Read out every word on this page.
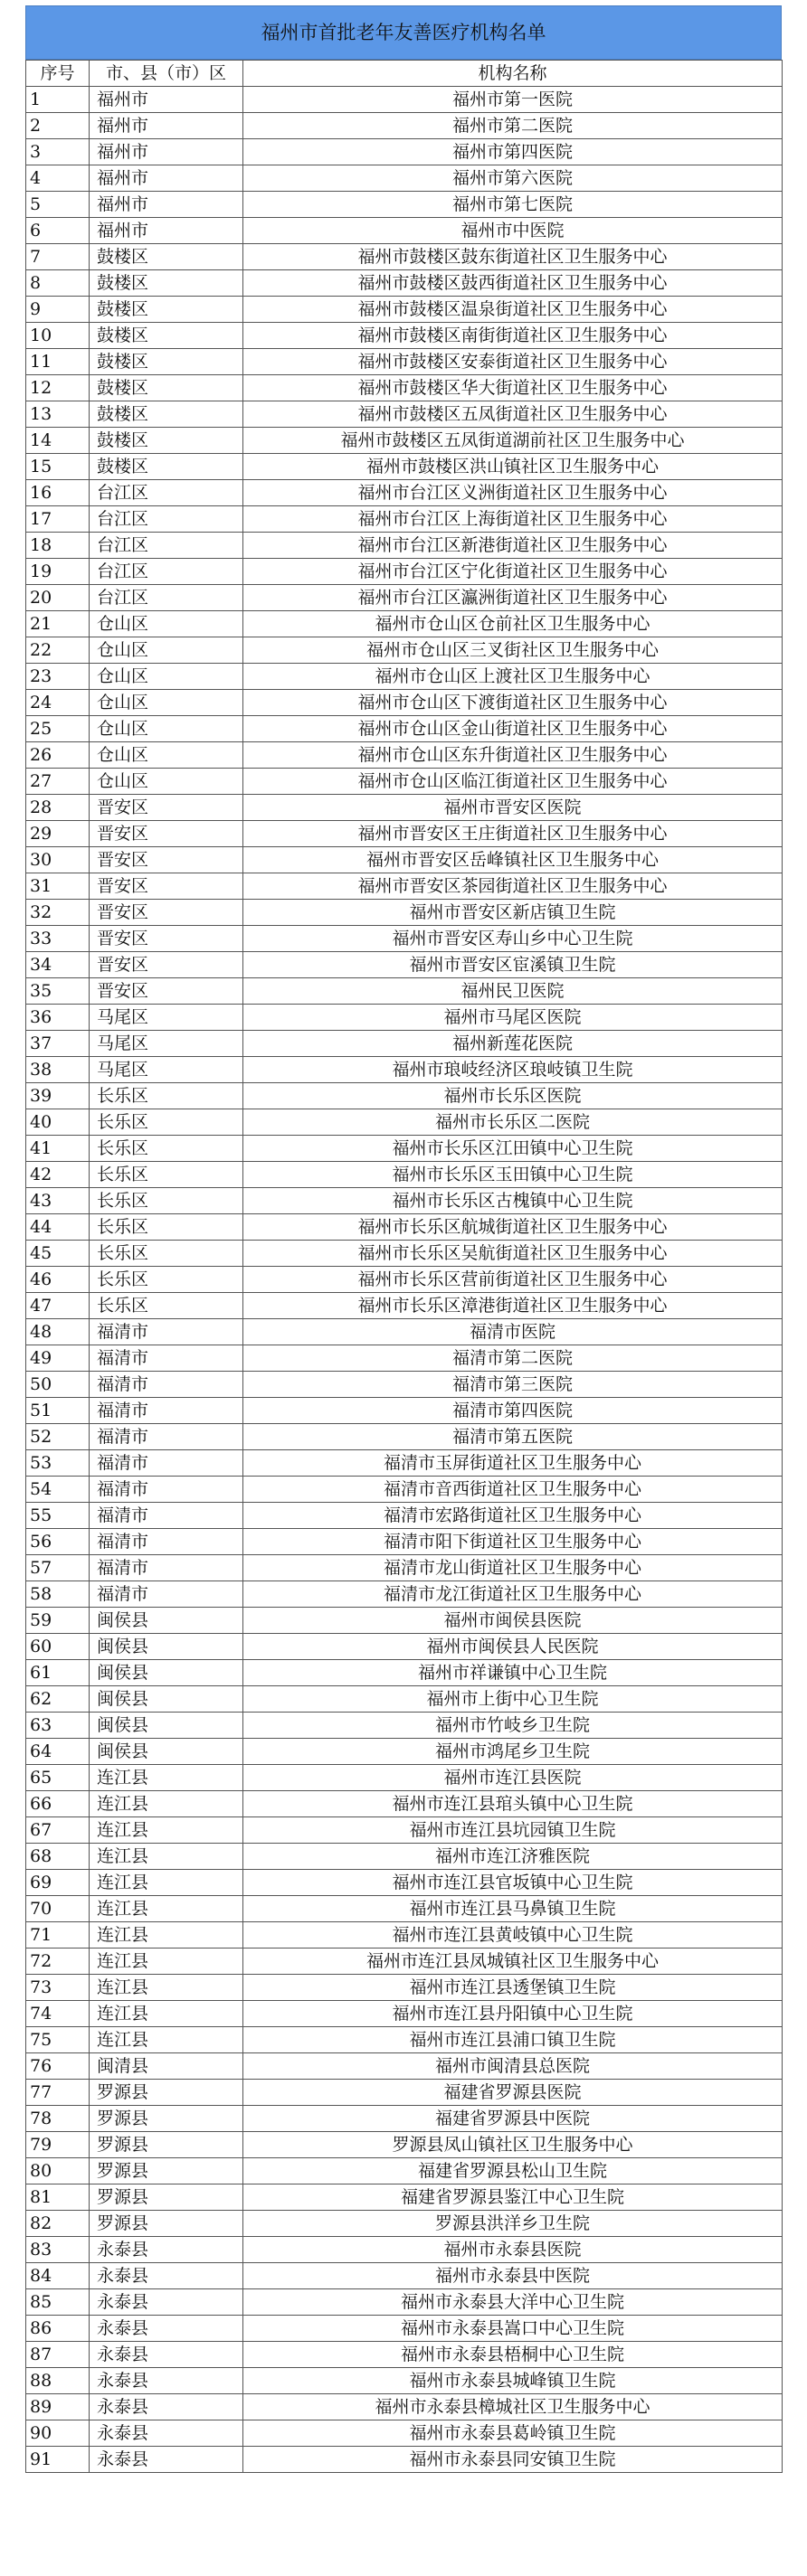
福州市首批老年友善医疗机构名单
序号	市、县（市）区	机构名称
1	福州市	福州市第一医院
2	福州市	福州市第二医院
3	福州市	福州市第四医院
4	福州市	福州市第六医院
5	福州市	福州市第七医院
6	福州市	福州市中医院
7	鼓楼区	福州市鼓楼区鼓东街道社区卫生服务中心
8	鼓楼区	福州市鼓楼区鼓西街道社区卫生服务中心
9	鼓楼区	福州市鼓楼区温泉街道社区卫生服务中心
10	鼓楼区	福州市鼓楼区南街街道社区卫生服务中心
11	鼓楼区	福州市鼓楼区安泰街道社区卫生服务中心
12	鼓楼区	福州市鼓楼区华大街道社区卫生服务中心
13	鼓楼区	福州市鼓楼区五凤街道社区卫生服务中心
14	鼓楼区	福州市鼓楼区五凤街道湖前社区卫生服务中心
15	鼓楼区	福州市鼓楼区洪山镇社区卫生服务中心
16	台江区	福州市台江区义洲街道社区卫生服务中心
17	台江区	福州市台江区上海街道社区卫生服务中心
18	台江区	福州市台江区新港街道社区卫生服务中心
19	台江区	福州市台江区宁化街道社区卫生服务中心
20	台江区	福州市台江区瀛洲街道社区卫生服务中心
21	仓山区	福州市仓山区仓前社区卫生服务中心
22	仓山区	福州市仓山区三叉街社区卫生服务中心
23	仓山区	福州市仓山区上渡社区卫生服务中心
24	仓山区	福州市仓山区下渡街道社区卫生服务中心
25	仓山区	福州市仓山区金山街道社区卫生服务中心
26	仓山区	福州市仓山区东升街道社区卫生服务中心
27	仓山区	福州市仓山区临江街道社区卫生服务中心
28	晋安区	福州市晋安区医院
29	晋安区	福州市晋安区王庄街道社区卫生服务中心
30	晋安区	福州市晋安区岳峰镇社区卫生服务中心
31	晋安区	福州市晋安区茶园街道社区卫生服务中心
32	晋安区	福州市晋安区新店镇卫生院
33	晋安区	福州市晋安区寿山乡中心卫生院
34	晋安区	福州市晋安区宦溪镇卫生院
35	晋安区	福州民卫医院
36	马尾区	福州市马尾区医院
37	马尾区	福州新莲花医院
38	马尾区	福州市琅岐经济区琅岐镇卫生院
39	长乐区	福州市长乐区医院
40	长乐区	福州市长乐区二医院
41	长乐区	福州市长乐区江田镇中心卫生院
42	长乐区	福州市长乐区玉田镇中心卫生院
43	长乐区	福州市长乐区古槐镇中心卫生院
44	长乐区	福州市长乐区航城街道社区卫生服务中心
45	长乐区	福州市长乐区吴航街道社区卫生服务中心
46	长乐区	福州市长乐区营前街道社区卫生服务中心
47	长乐区	福州市长乐区漳港街道社区卫生服务中心
48	福清市	福清市医院
49	福清市	福清市第二医院
50	福清市	福清市第三医院
51	福清市	福清市第四医院
52	福清市	福清市第五医院
53	福清市	福清市玉屏街道社区卫生服务中心
54	福清市	福清市音西街道社区卫生服务中心
55	福清市	福清市宏路街道社区卫生服务中心
56	福清市	福清市阳下街道社区卫生服务中心
57	福清市	福清市龙山街道社区卫生服务中心
58	福清市	福清市龙江街道社区卫生服务中心
59	闽侯县	福州市闽侯县医院
60	闽侯县	福州市闽侯县人民医院
61	闽侯县	福州市祥谦镇中心卫生院
62	闽侯县	福州市上街中心卫生院
63	闽侯县	福州市竹岐乡卫生院
64	闽侯县	福州市鸿尾乡卫生院
65	连江县	福州市连江县医院
66	连江县	福州市连江县琯头镇中心卫生院
67	连江县	福州市连江县坑园镇卫生院
68	连江县	福州市连江济雅医院
69	连江县	福州市连江县官坂镇中心卫生院
70	连江县	福州市连江县马鼻镇卫生院
71	连江县	福州市连江县黄岐镇中心卫生院
72	连江县	福州市连江县凤城镇社区卫生服务中心
73	连江县	福州市连江县透堡镇卫生院
74	连江县	福州市连江县丹阳镇中心卫生院
75	连江县	福州市连江县浦口镇卫生院
76	闽清县	福州市闽清县总医院
77	罗源县	福建省罗源县医院
78	罗源县	福建省罗源县中医院
79	罗源县	罗源县凤山镇社区卫生服务中心
80	罗源县	福建省罗源县松山卫生院
81	罗源县	福建省罗源县鉴江中心卫生院
82	罗源县	罗源县洪洋乡卫生院
83	永泰县	福州市永泰县医院
84	永泰县	福州市永泰县中医院
85	永泰县	福州市永泰县大洋中心卫生院
86	永泰县	福州市永泰县嵩口中心卫生院
87	永泰县	福州市永泰县梧桐中心卫生院
88	永泰县	福州市永泰县城峰镇卫生院
89	永泰县	福州市永泰县樟城社区卫生服务中心
90	永泰县	福州市永泰县葛岭镇卫生院
91	永泰县	福州市永泰县同安镇卫生院
